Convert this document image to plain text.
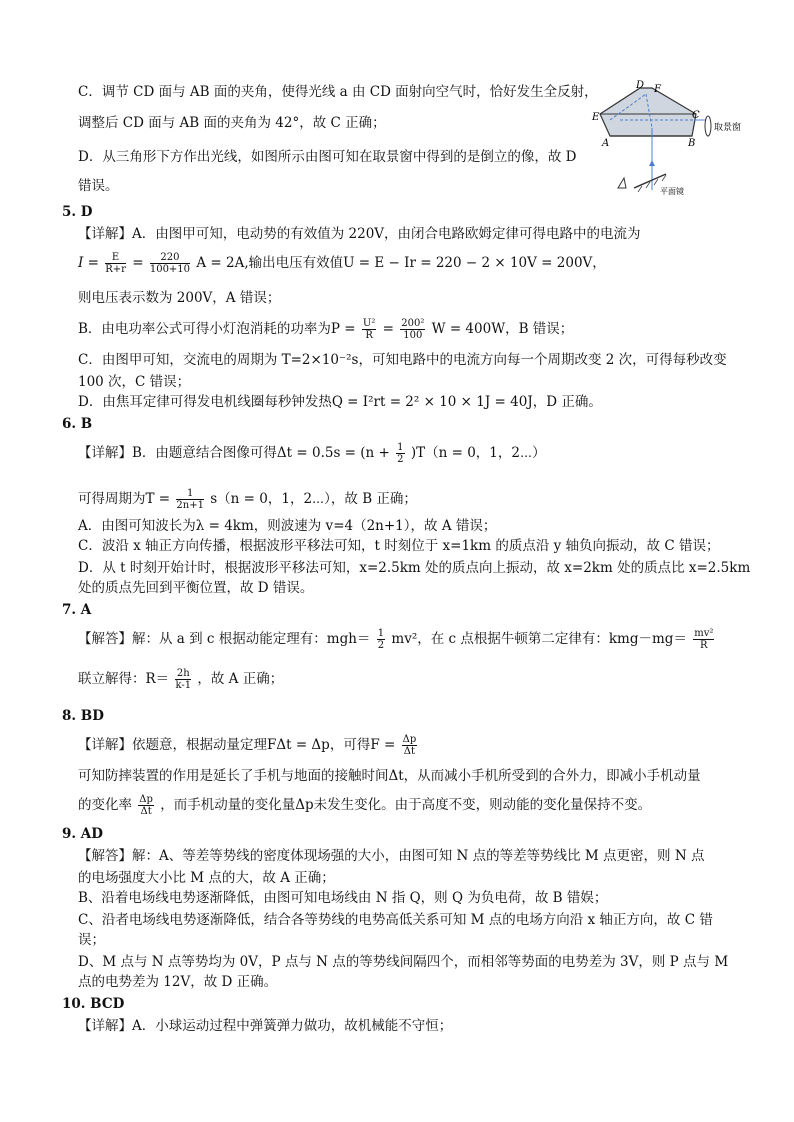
C．调节 CD 面与 AB 面的夹角，使得光线 a 由 CD 面射向空气时，恰好发生全反射，
调整后 CD 面与 AB 面的夹角为 42°，故 C 正确；
D．从三角形下方作出光线，如图所示由图可知在取景窗中得到的是倒立的像，故 D
错误。
D F
E	C
A	B
取景窗
平面镜
5. D
【详解】A．由图甲可知，电动势的有效值为 220V，由闭合电路欧姆定律可得电路中的电流为
$I = \frac{E}{R+r} = \frac{220}{100+10}$ A = 2A,输出电压有效值U = E − Ir = 220 − 2 × 10V = 200V，
则电压表示数为 200V，A 错误；
B．由电功率公式可得小灯泡消耗的功率为$P = \frac{\text{U²}}{R} = \frac{\text{200²}}{100}$ W = 400W，B 错误；
C．由图甲可知，交流电的周期为 T=2×10⁻²s，可知电路中的电流方向每一个周期改变 2 次，可得每秒改变
100 次，C 错误；
D．由焦耳定律可得发电机线圈每秒钟发热Q = I²rt = 2² × 10 × 1J = 40J，D 正确。
6. B
【详解】B．由题意结合图像可得$\Delta t = 0.5s = (n + \frac{1}{2} )T(n = 0$，1，2⋯）
可得周期为$T = \frac{1}{2n+1} s(n = 0$，1，2⋯），故 B 正确；
A．由图可知波长为λ = 4km，则波速为 v=4（2n+1），故 A 错误；
C．波沿 x 轴正方向传播，根据波形平移法可知，t 时刻位于 x=1km 的质点沿 y 轴负向振动，故 C 错误；
D．从 t 时刻开始计时，根据波形平移法可知，x=2.5km 处的质点向上振动，故 x=2km 处的质点比 x=2.5km
处的质点先回到平衡位置，故 D 错误。
7. A
【解答】解：从 a 到 c 根据动能定理有：$mgh= \frac{1}{2} mv^2$，在 c 点根据牛顿第二定律有：$kmg-mg= \frac{\text{mv²}}{R}$
联立解得：$R= \frac{2h}{k-1}$ ，故 A 正确；
8. BD
【详解】依题意，根据动量定理FΔt = Δp，可得$F = \frac{\Delta p}{\Delta t}$
可知防摔装置的作用是延长了手机与地面的接触时间Δt，从而减小手机所受到的合外力，即减小手机动量
的变化率 $\frac{\Delta p}{\Delta t}$ ，而手机动量的变化量Δp未发生变化。由于高度不变，则动能的变化量保持不变。
9. AD
【解答】解：A、等差等势线的密度体现场强的大小，由图可知 N 点的等差等势线比 M 点更密，则 N 点
的电场强度大小比 M 点的大，故 A 正确；
B、沿着电场线电势逐渐降低，由图可知电场线由 N 指 Q，则 Q 为负电荷，故 B 错娱；
C、沿者电场线电势逐渐降低，结合各等势线的电势高低关系可知 M 点的电场方向沿 x 轴正方向，故 C 错
误；
D、M 点与 N 点等势均为 0V，P 点与 N 点的等势线间隔四个，而相邻等势面的电势差为 3V，则 P 点与 M
点的电势差为 12V，故 D 正确。
10. BCD
【详解】A．小球运动过程中弹簧弹力做功，故机械能不守恒；
